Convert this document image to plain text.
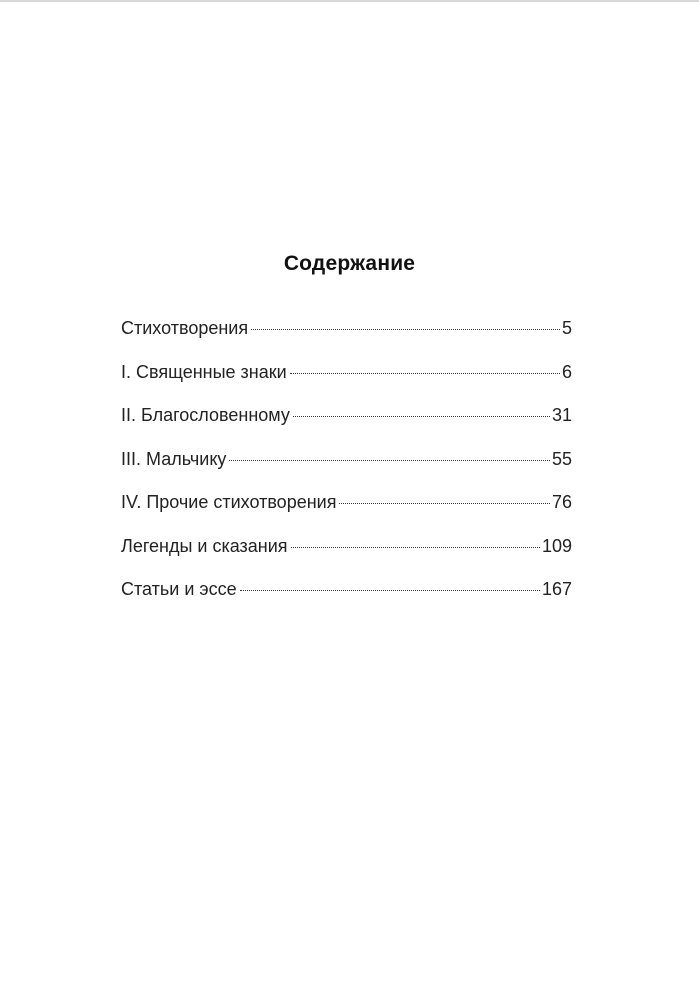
Содержание
Стихотворения	5
I. Священные знаки	6
II. Благословенному	31
III. Мальчику	55
IV. Прочие стихотворения	76
Легенды и сказания	109
Статьи и эссе	167
